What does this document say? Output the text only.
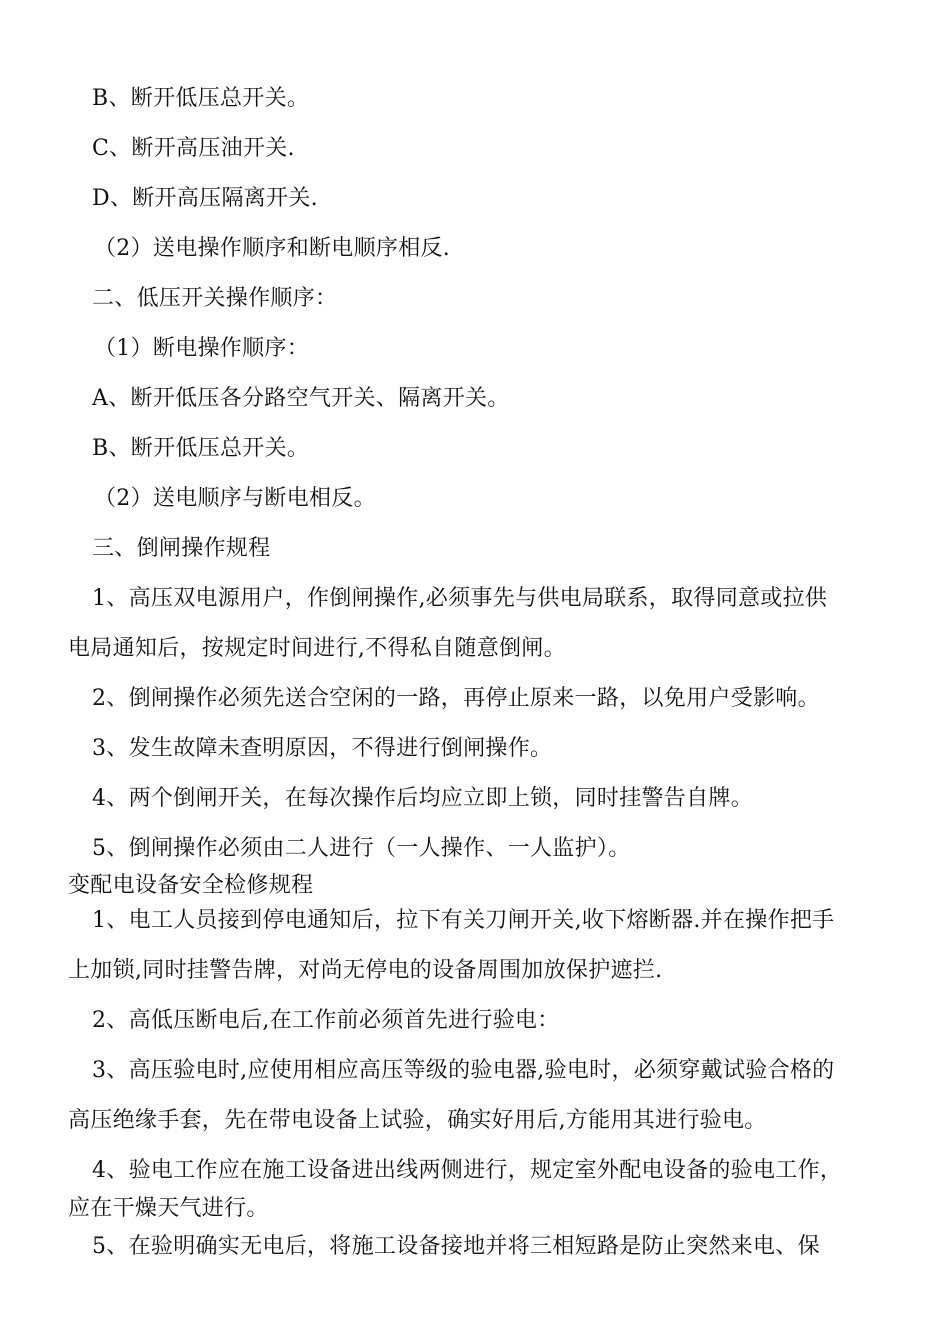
B、断开低压总开关。
C、断开高压油开关.
D、断开高压隔离开关.
（2）送电操作顺序和断电顺序相反.
二、低压开关操作顺序：
（1）断电操作顺序：
A、断开低压各分路空气开关、隔离开关。
B、断开低压总开关。
（2）送电顺序与断电相反。
三、倒闸操作规程
1、高压双电源用户，作倒闸操作,必须事先与供电局联系，取得同意或拉供
电局通知后，按规定时间进行,不得私自随意倒闸。
2、倒闸操作必须先送合空闲的一路，再停止原来一路，以免用户受影响。
3、发生故障未查明原因，不得进行倒闸操作。
4、两个倒闸开关，在每次操作后均应立即上锁，同时挂警告自牌。
5、倒闸操作必须由二人进行（一人操作、一人监护）。
变配电设备安全检修规程
1、电工人员接到停电通知后，拉下有关刀闸开关,收下熔断器.并在操作把手
上加锁,同时挂警告牌，对尚无停电的设备周围加放保护遮拦.
2、高低压断电后,在工作前必须首先进行验电：
3、高压验电时,应使用相应高压等级的验电器,验电时，必须穿戴试验合格的
高压绝缘手套，先在带电设备上试验，确实好用后,方能用其进行验电。
4、验电工作应在施工设备进出线两侧进行，规定室外配电设备的验电工作，
应在干燥天气进行。
5、在验明确实无电后，将施工设备接地并将三相短路是防止突然来电、保
